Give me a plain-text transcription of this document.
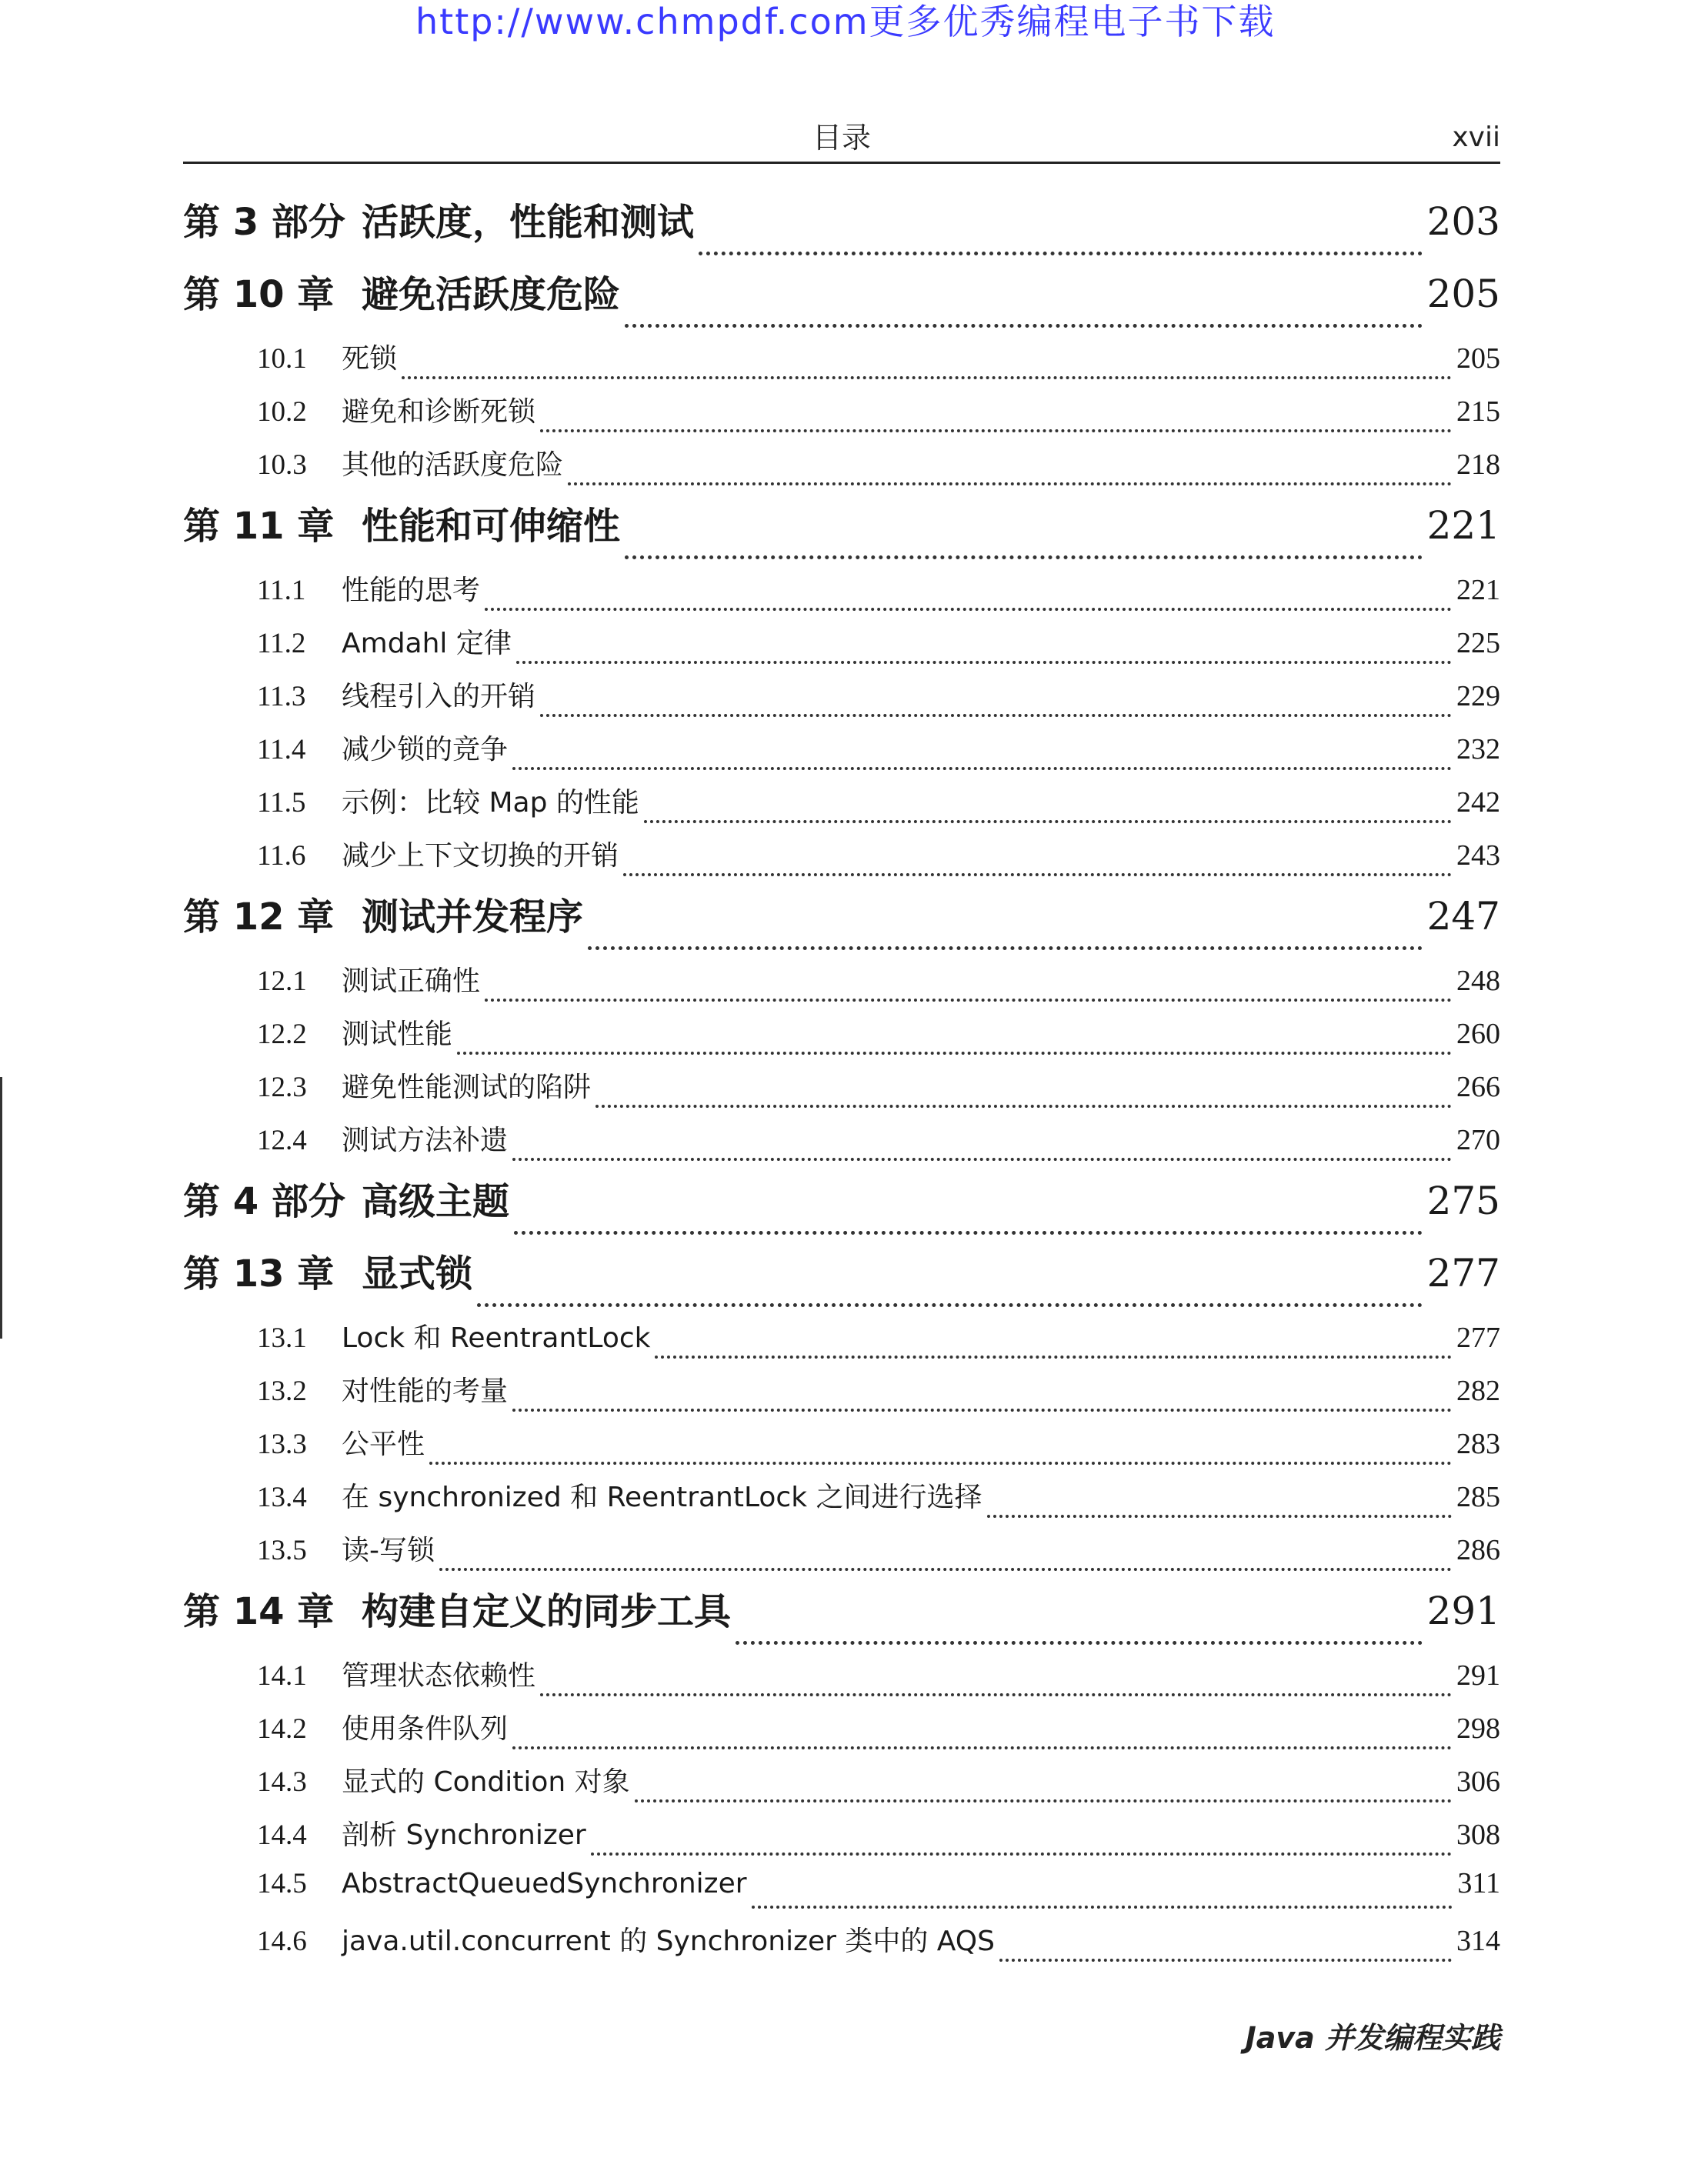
http://www.chmpdf.com更多优秀编程电子书下载
目录	xvii
第 3 部分 活跃度，性能和测试	203
第 10 章 避免活跃度危险	205
10.1	死锁	205
10.2	避免和诊断死锁	215
10.3	其他的活跃度危险	218
第 11 章 性能和可伸缩性	221
11.1	性能的思考	221
11.2	Amdahl 定律	225
11.3	线程引入的开销	229
11.4	减少锁的竞争	232
11.5	示例：比较 Map 的性能	242
11.6	减少上下文切换的开销	243
第 12 章 测试并发程序	247
12.1	测试正确性	248
12.2	测试性能	260
12.3	避免性能测试的陷阱	266
12.4	测试方法补遗	270
第 4 部分 高级主题	275
第 13 章 显式锁	277
13.1	Lock 和 ReentrantLock	277
13.2	对性能的考量	282
13.3	公平性	283
13.4	在 synchronized 和 ReentrantLock 之间进行选择	285
13.5	读-写锁	286
第 14 章 构建自定义的同步工具	291
14.1	管理状态依赖性	291
14.2	使用条件队列	298
14.3	显式的 Condition 对象	306
14.4	剖析 Synchronizer	308
14.5	AbstractQueuedSynchronizer	311
14.6	java.util.concurrent 的 Synchronizer 类中的 AQS	314
Java 并发编程实践
